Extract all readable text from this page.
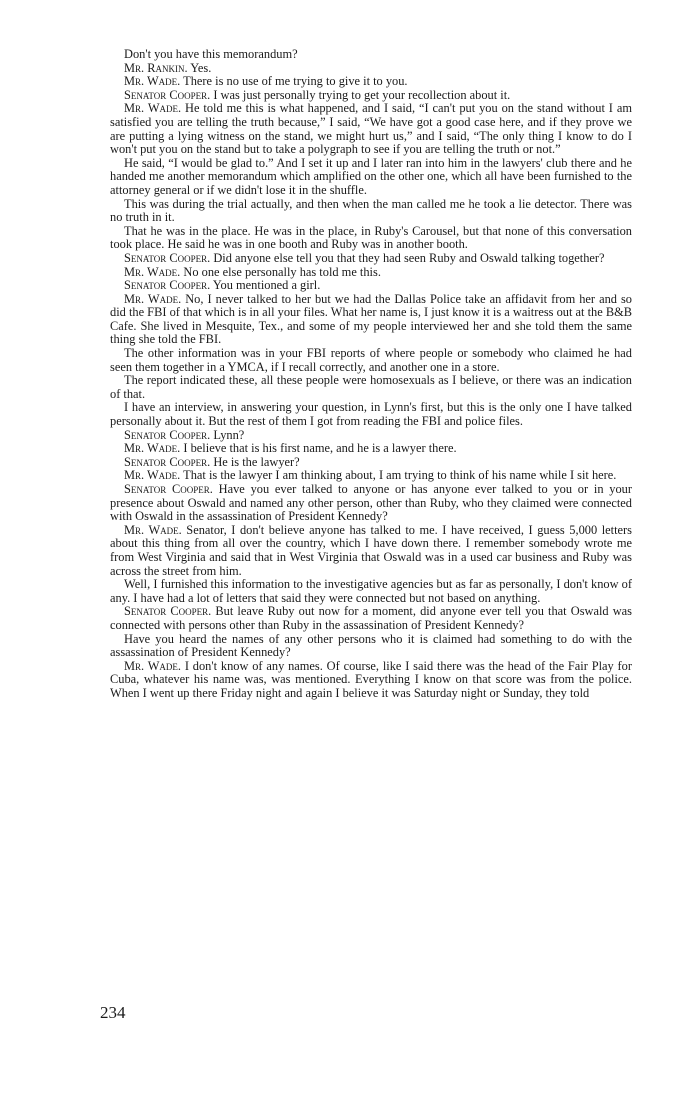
Don't you have this memorandum?

Mr. Rankin. Yes.

Mr. Wade. There is no use of me trying to give it to you.

Senator Cooper. I was just personally trying to get your recollection about it.

Mr. Wade. He told me this is what happened, and I said, “I can't put you on the stand without I am satisfied you are telling the truth because,” I said, “We have got a good case here, and if they prove we are putting a lying witness on the stand, we might hurt us,” and I said, “The only thing I know to do I won't put you on the stand but to take a polygraph to see if you are telling the truth or not.”

He said, “I would be glad to.” And I set it up and I later ran into him in the lawyers' club there and he handed me another memorandum which amplified on the other one, which all have been furnished to the attorney general or if we didn't lose it in the shuffle.

This was during the trial actually, and then when the man called me he took a lie detector. There was no truth in it.

That he was in the place. He was in the place, in Ruby's Carousel, but that none of this conversation took place. He said he was in one booth and Ruby was in another booth.

Senator Cooper. Did anyone else tell you that they had seen Ruby and Oswald talking together?

Mr. Wade. No one else personally has told me this.

Senator Cooper. You mentioned a girl.

Mr. Wade. No, I never talked to her but we had the Dallas Police take an affidavit from her and so did the FBI of that which is in all your files. What her name is, I just know it is a waitress out at the B&B Cafe. She lived in Mesquite, Tex., and some of my people interviewed her and she told them the same thing she told the FBI.

The other information was in your FBI reports of where people or somebody who claimed he had seen them together in a YMCA, if I recall correctly, and another one in a store.

The report indicated these, all these people were homosexuals as I believe, or there was an indication of that.

I have an interview, in answering your question, in Lynn's first, but this is the only one I have talked personally about it. But the rest of them I got from reading the FBI and police files.

Senator Cooper. Lynn?

Mr. Wade. I believe that is his first name, and he is a lawyer there.

Senator Cooper. He is the lawyer?

Mr. Wade. That is the lawyer I am thinking about, I am trying to think of his name while I sit here.

Senator Cooper. Have you ever talked to anyone or has anyone ever talked to you or in your presence about Oswald and named any other person, other than Ruby, who they claimed were connected with Oswald in the assassination of President Kennedy?

Mr. Wade. Senator, I don't believe anyone has talked to me. I have received, I guess 5,000 letters about this thing from all over the country, which I have down there. I remember somebody wrote me from West Virginia and said that in West Virginia that Oswald was in a used car business and Ruby was across the street from him.

Well, I furnished this information to the investigative agencies but as far as personally, I don't know of any. I have had a lot of letters that said they were connected but not based on anything.

Senator Cooper. But leave Ruby out now for a moment, did anyone ever tell you that Oswald was connected with persons other than Ruby in the assassination of President Kennedy?

Have you heard the names of any other persons who it is claimed had something to do with the assassination of President Kennedy?

Mr. Wade. I don't know of any names. Of course, like I said there was the head of the Fair Play for Cuba, whatever his name was, was mentioned. Everything I know on that score was from the police. When I went up there Friday night and again I believe it was Saturday night or Sunday, they told

234
